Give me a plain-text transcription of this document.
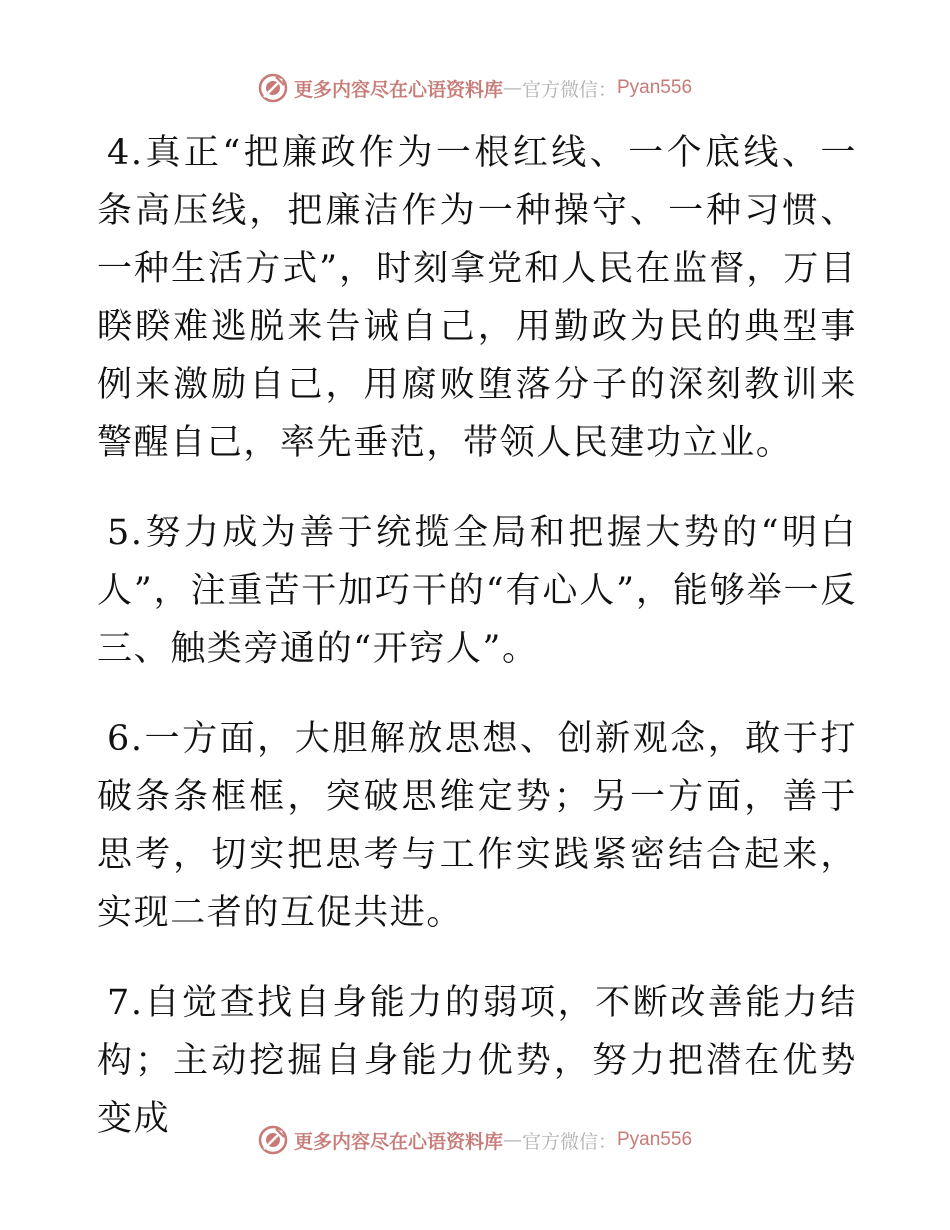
更多内容尽在心语资料库 — 官方微信： Pyan556

4.真正“把廉政作为一根红线、一个底线、一条高压线，把廉洁作为一种操守、一种习惯、一种生活方式”，时刻拿党和人民在监督，万目睽睽难逃脱来告诫自己，用勤政为民的典型事例来激励自己，用腐败堕落分子的深刻教训来警醒自己，率先垂范，带领人民建功立业。

5.努力成为善于统揽全局和把握大势的“明白人”，注重苦干加巧干的“有心人”，能够举一反三、触类旁通的“开窍人”。

6.一方面，大胆解放思想、创新观念，敢于打破条条框框，突破思维定势；另一方面，善于思考，切实把思考与工作实践紧密结合起来，实现二者的互促共进。

7.自觉查找自身能力的弱项，不断改善能力结构；主动挖掘自身能力优势，努力把潜在优势变成

更多内容尽在心语资料库 — 官方微信： Pyan556
